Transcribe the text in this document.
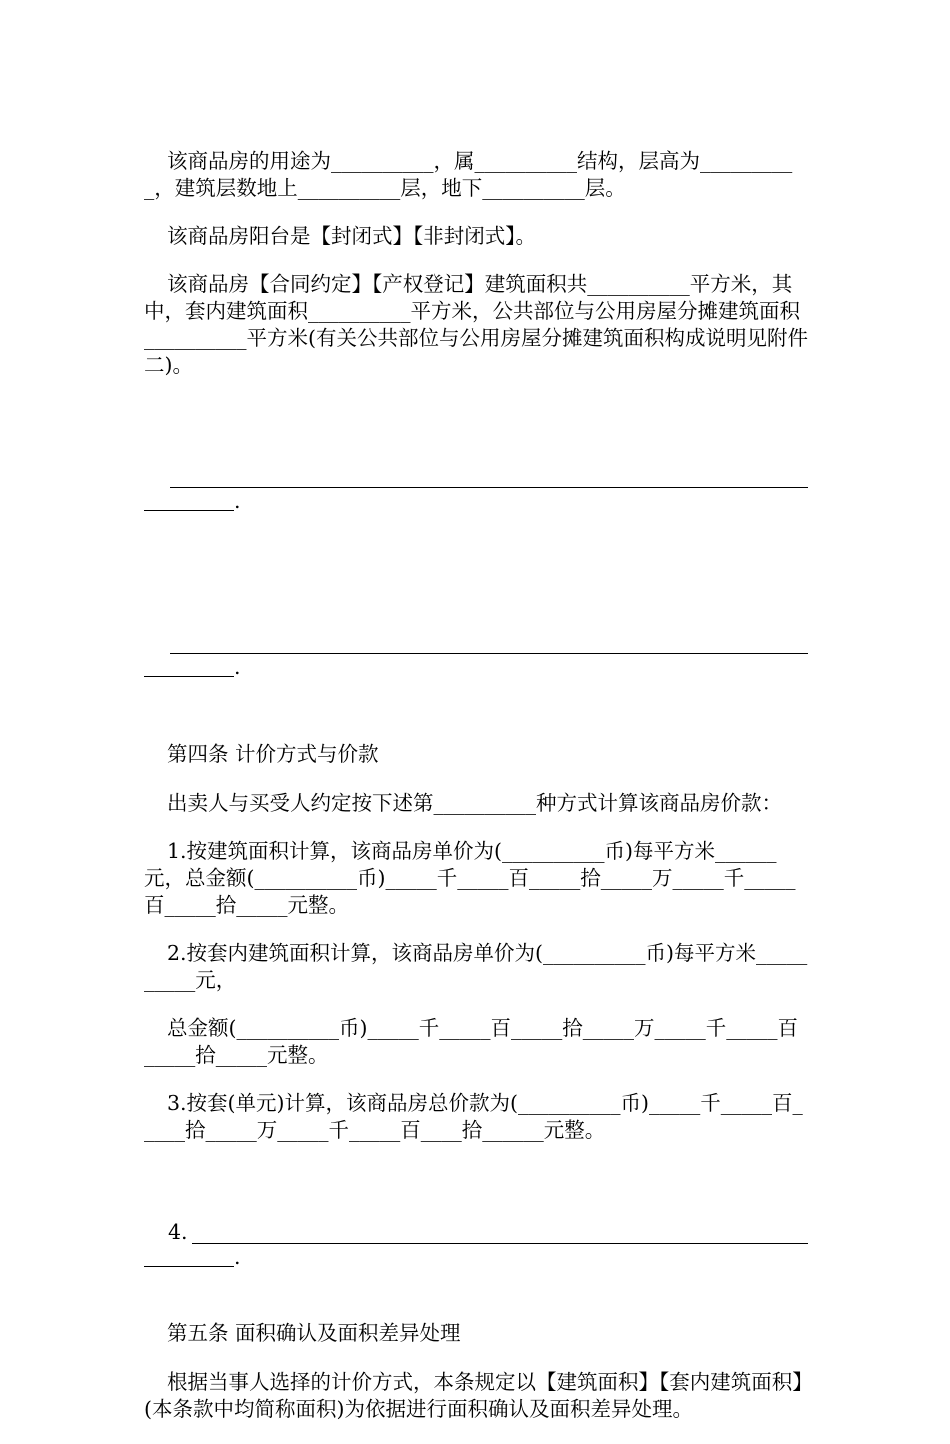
该商品房的用途为__________，属__________结构，层高为__________，建筑层数地上__________层，地下__________层。

该商品房阳台是【封闭式】【非封闭式】。

该商品房【合同约定】【产权登记】建筑面积共__________平方米，其中，套内建筑面积__________平方米，公共部位与公用房屋分摊建筑面积__________平方米(有关公共部位与公用房屋分摊建筑面积构成说明见附件二)。

.

.

第四条 计价方式与价款

出卖人与买受人约定按下述第__________种方式计算该商品房价款：

1.按建筑面积计算，该商品房单价为(__________币)每平方米______元，总金额(__________币)_____千_____百_____拾_____万_____千_____百_____拾_____元整。

2.按套内建筑面积计算，该商品房单价为(__________币)每平方米__________元，

总金额(__________币)_____千_____百_____拾_____万_____千_____百_____拾_____元整。

3.按套(单元)计算，该商品房总价款为(__________币)_____千_____百_____拾_____万_____千_____百____拾______元整。

4.
.

第五条 面积确认及面积差异处理

根据当事人选择的计价方式，本条规定以【建筑面积】【套内建筑面积】(本条款中均简称面积)为依据进行面积确认及面积差异处理。
